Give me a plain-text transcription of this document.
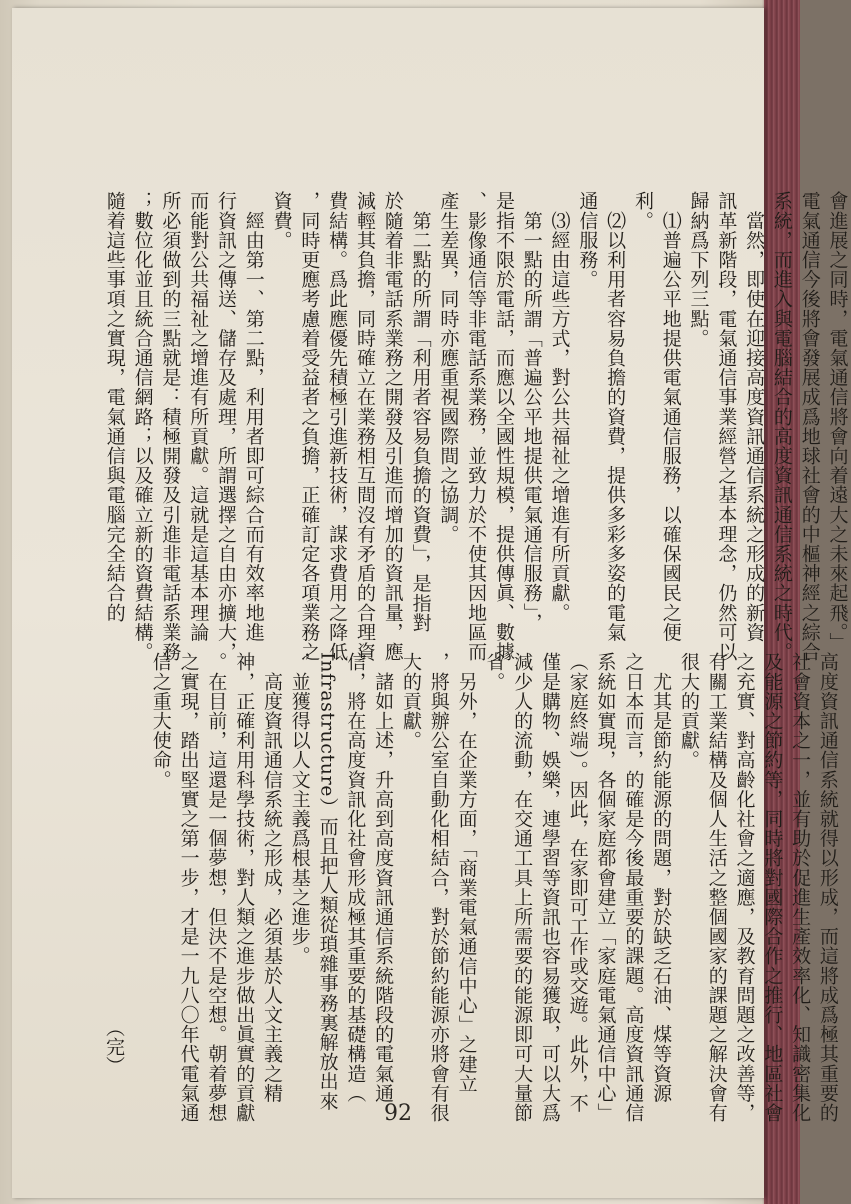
會進展之同時，電氣通信將會向着遠大之未來起飛。」
電氣通信今後將會發展成爲地球社會的中樞神經之綜合
系統，而進入與電腦結合的高度資訊通信系統之時代。
　當然，即使在迎接高度資訊通信系統之形成的新資
訊革新階段，電氣通信事業經營之基本理念，仍然可以
歸納爲下列三點。
　⑴普遍公平地提供電氣通信服務，以確保國民之便
利。
　⑵以利用者容易負擔的資費，提供多彩多姿的電氣
通信服務。
　⑶經由這些方式，對公共福祉之增進有所貢獻。
　第一點的所謂「普遍公平地提供電氣通信服務」，
是指不限於電話，而應以全國性規模，提供傳眞、數據
、影像通信等非電話系業務，並致力於不使其因地區而
產生差異，同時亦應重視國際間之協調。
　第二點的所謂「利用者容易負擔的資費」，是指對
於隨着非電話系業務之開發及引進而增加的資訊量，應
減輕其負擔，同時確立在業務相互間沒有矛盾的合理資
費結構。爲此應優先積極引進新技術，謀求費用之降低
，同時更應考慮着受益者之負擔，正確訂定各項業務之
資費。
　經由第一、第二點，利用者即可綜合而有效率地進
行資訊之傳送、儲存及處理，所謂選擇之自由亦擴大，
而能對公共福祉之增進有所貢獻。這就是這基本理論
所必須做到的三點就是：積極開發及引進非電話系業務
；數位化並且統合通信網路；以及確立新的資費結構。
隨着這些事項之實現，電氣通信與電腦完全結合的
高度資訊通信系統就得以形成，而這將成爲極其重要的
社會資本之一，並有助於促進生產效率化、知識密集化
及能源之節約等，同時將對國際合作之推行、地區社會
之充實、對高齡化社會之適應，及教育問題之改善等，
有關工業結構及個人生活之整個國家的課題之解決會有
很大的貢獻。
　尤其是節約能源的問題，對於缺乏石油、煤等資源
之日本而言，的確是今後最重要的課題。高度資訊通信
系統如實現，各個家庭都會建立「家庭電氣通信中心」
（家庭終端）。因此，在家即可工作或交遊。此外，不
僅是購物、娛樂，連學習等資訊也容易獲取，可以大爲
減少人的流動，在交通工具上所需要的能源即可大量節
省。
　另外，在企業方面，「商業電氣通信中心」之建立
，將與辦公室自動化相結合，對於節約能源亦將會有很
大的貢獻。
　諸如上述，升高到高度資訊通信系統階段的電氣通
信，將在高度資訊化社會形成極其重要的基礎構造（
Infrastructure）而且把人類從瑣雜事務裏解放出來
，並獲得以人文主義爲根基之進步。
　高度資訊通信系統之形成，必須基於人文主義之精
神，正確利用科學技術，對人類之進步做出眞實的貢獻
。在目前，這還是一個夢想，但決不是空想。朝着夢想
之實現，踏出堅實之第一步，才是一九八〇年代電氣通
信之重大使命。
（完）
92
